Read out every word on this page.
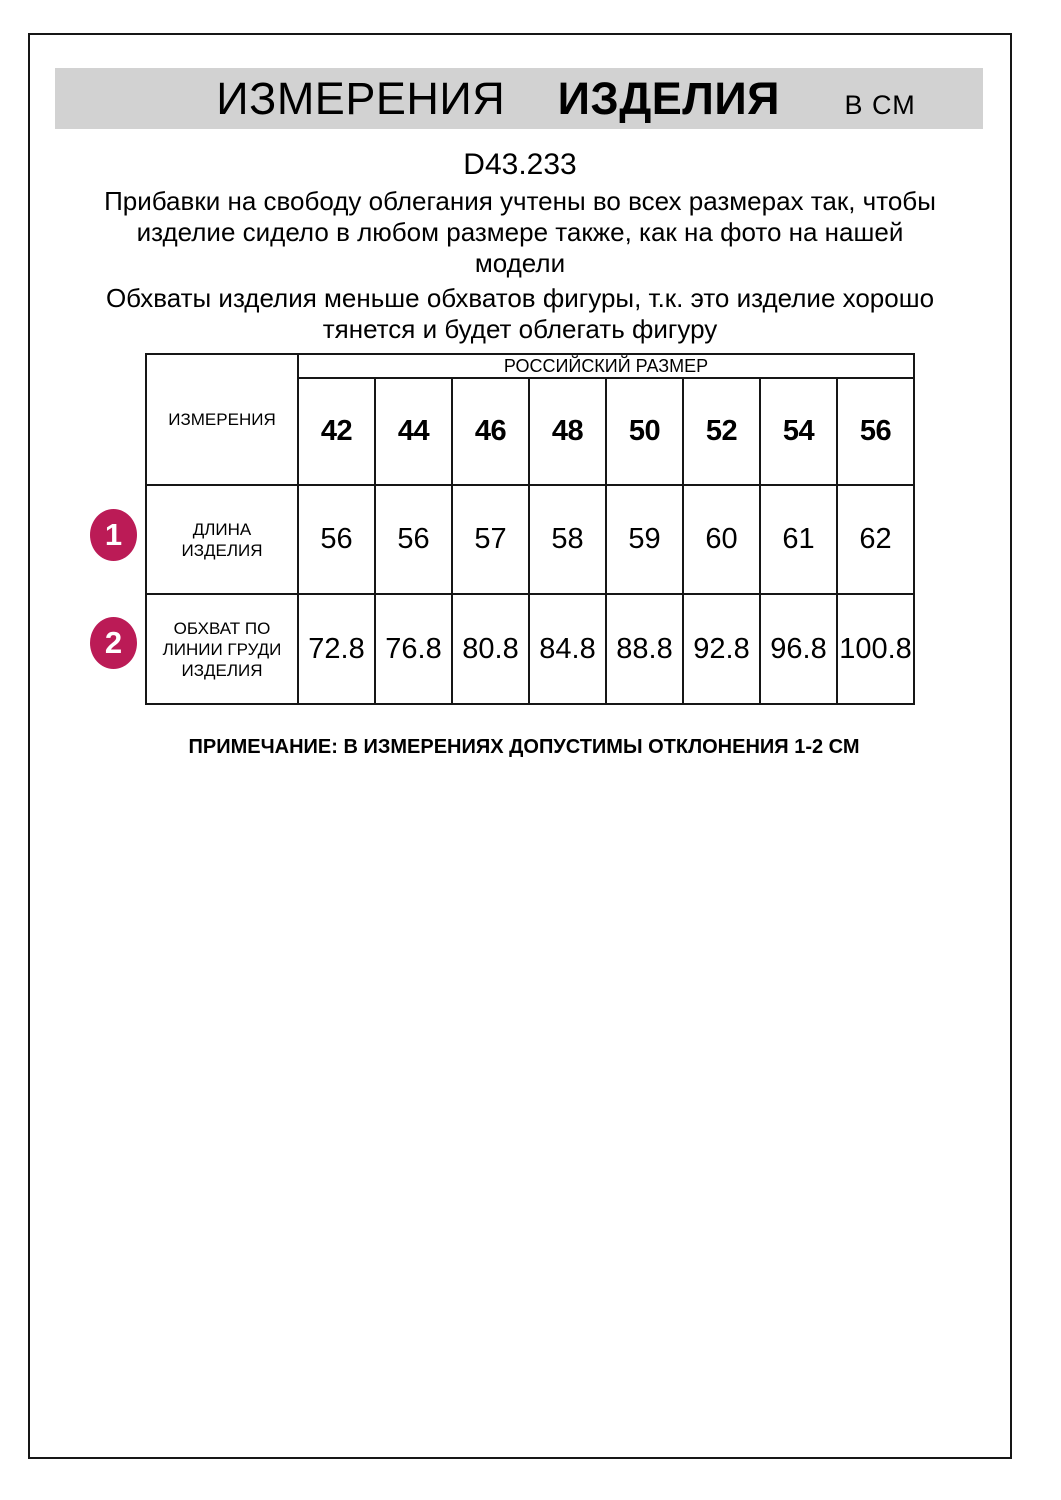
ИЗМЕРЕНИЯ ИЗДЕЛИЯ В СМ
D43.233
Прибавки на свободу облегания учтены во всех размерах так, чтобы
изделие сидело в любом размере также, как на фото на нашей
модели
Обхваты изделия меньше обхватов фигуры, т.к. это изделие хорошо
тянется и будет облегать фигуру
ИЗМЕРЕНИЯ	РОССИЙСКИЙ РАЗМЕР							
	42	44	46	48	50	52	54	56

ДЛИНА
ИЗДЕЛИЯ	56	56	57	58	59	60	61	62

ОБХВАТ ПО
ЛИНИИ ГРУДИ
ИЗДЕЛИЯ	72.8	76.8	80.8	84.8	88.8	92.8	96.8	100.8
1
2
ПРИМЕЧАНИЕ: В ИЗМЕРЕНИЯХ ДОПУСТИМЫ ОТКЛОНЕНИЯ 1-2 СМ
